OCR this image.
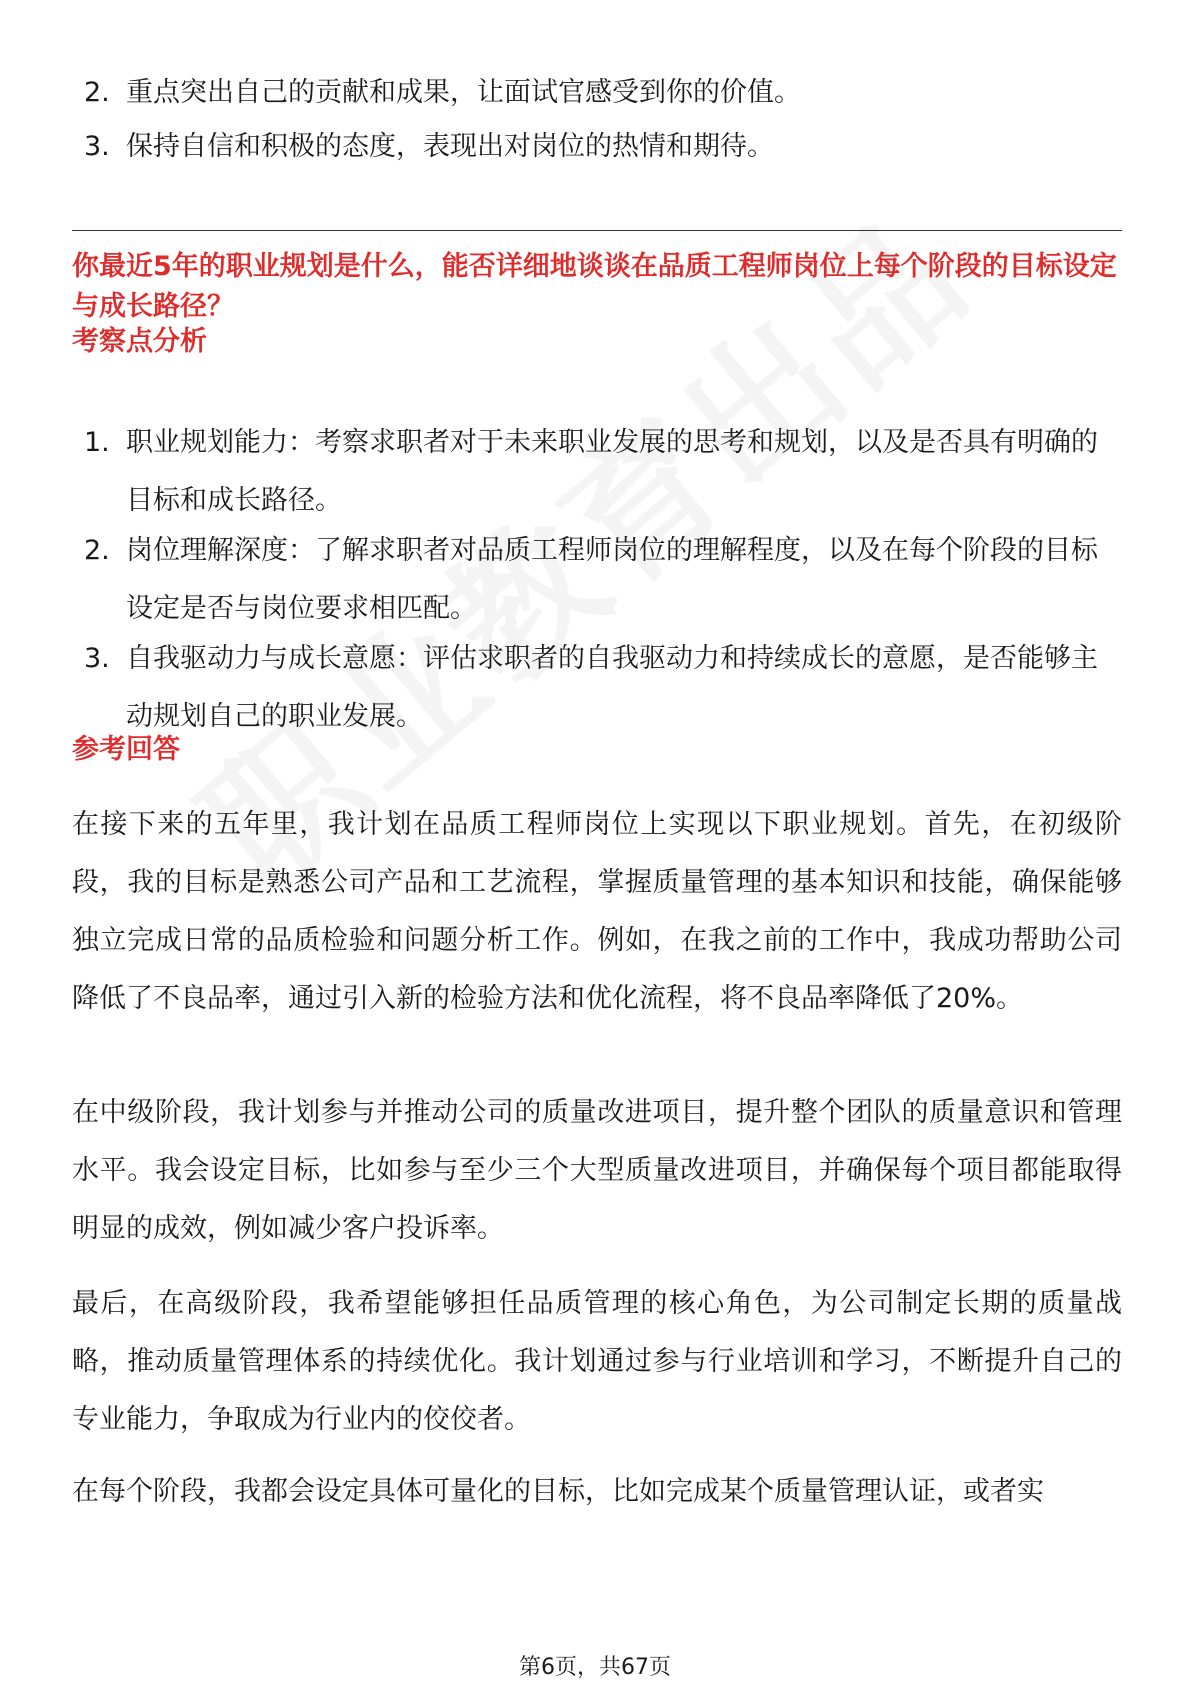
2. 重点突出自己的贡献和成果，让面试官感受到你的价值。
3. 保持自信和积极的态度，表现出对岗位的热情和期待。
你最近5年的职业规划是什么，能否详细地谈谈在品质工程师岗位上每个阶段的目标设定与成长路径？
考察点分析
1. 职业规划能力：考察求职者对于未来职业发展的思考和规划，以及是否具有明确的目标和成长路径。
2. 岗位理解深度：了解求职者对品质工程师岗位的理解程度，以及在每个阶段的目标设定是否与岗位要求相匹配。
3. 自我驱动力与成长意愿：评估求职者的自我驱动力和持续成长的意愿，是否能够主动规划自己的职业发展。
参考回答

在接下来的五年里，我计划在品质工程师岗位上实现以下职业规划。首先，在初级阶段，我的目标是熟悉公司产品和工艺流程，掌握质量管理的基本知识和技能，确保能够独立完成日常的品质检验和问题分析工作。例如，在我之前的工作中，我成功帮助公司降低了不良品率，通过引入新的检验方法和优化流程，将不良品率降低了20%。

在中级阶段，我计划参与并推动公司的质量改进项目，提升整个团队的质量意识和管理水平。我会设定目标，比如参与至少三个大型质量改进项目，并确保每个项目都能取得明显的成效，例如减少客户投诉率。

最后，在高级阶段，我希望能够担任品质管理的核心角色，为公司制定长期的质量战略，推动质量管理体系的持续优化。我计划通过参与行业培训和学习，不断提升自己的专业能力，争取成为行业内的佼佼者。

在每个阶段，我都会设定具体可量化的目标，比如完成某个质量管理认证，或者实

第6页，共67页
